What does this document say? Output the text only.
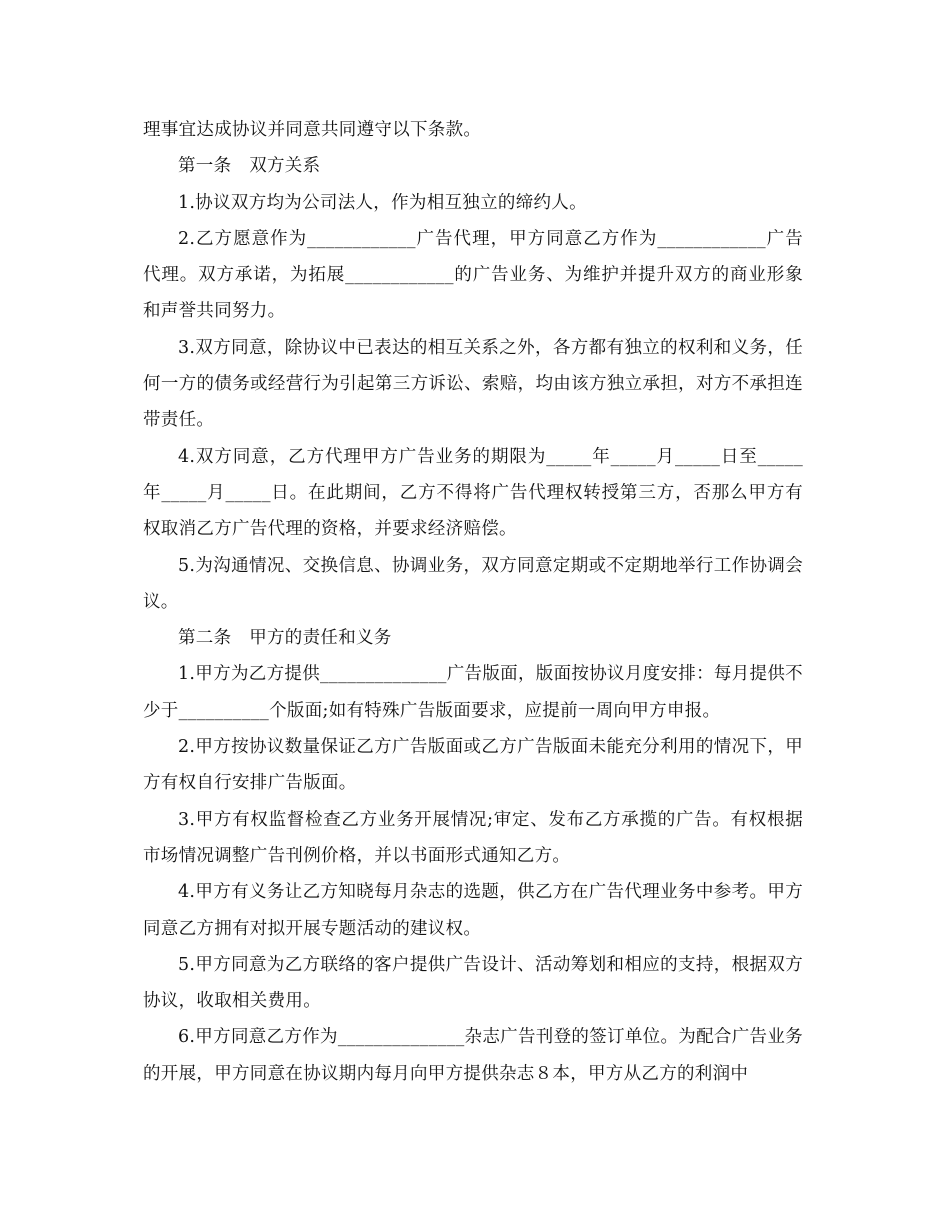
理事宜达成协议并同意共同遵守以下条款。

第一条　双方关系

1.协议双方均为公司法人，作为相互独立的缔约人。

2.乙方愿意作为____________广告代理，甲方同意乙方作为____________广告代理。双方承诺，为拓展____________的广告业务、为维护并提升双方的商业形象和声誉共同努力。

3.双方同意，除协议中已表达的相互关系之外，各方都有独立的权利和义务，任何一方的债务或经营行为引起第三方诉讼、索赔，均由该方独立承担，对方不承担连带责任。

4.双方同意，乙方代理甲方广告业务的期限为_____年_____月_____日至_____年_____月_____日。在此期间，乙方不得将广告代理权转授第三方，否那么甲方有权取消乙方广告代理的资格，并要求经济赔偿。

5.为沟通情况、交换信息、协调业务，双方同意定期或不定期地举行工作协调会议。

第二条　甲方的责任和义务

1.甲方为乙方提供______________广告版面，版面按协议月度安排：每月提供不少于__________个版面;如有特殊广告版面要求，应提前一周向甲方申报。

2.甲方按协议数量保证乙方广告版面或乙方广告版面未能充分利用的情况下，甲方有权自行安排广告版面。

3.甲方有权监督检查乙方业务开展情况;审定、发布乙方承揽的广告。有权根据市场情况调整广告刊例价格，并以书面形式通知乙方。

4.甲方有义务让乙方知晓每月杂志的选题，供乙方在广告代理业务中参考。甲方同意乙方拥有对拟开展专题活动的建议权。

5.甲方同意为乙方联络的客户提供广告设计、活动筹划和相应的支持，根据双方协议，收取相关费用。

6.甲方同意乙方作为______________杂志广告刊登的签订单位。为配合广告业务的开展，甲方同意在协议期内每月向甲方提供杂志８本，甲方从乙方的利润中
